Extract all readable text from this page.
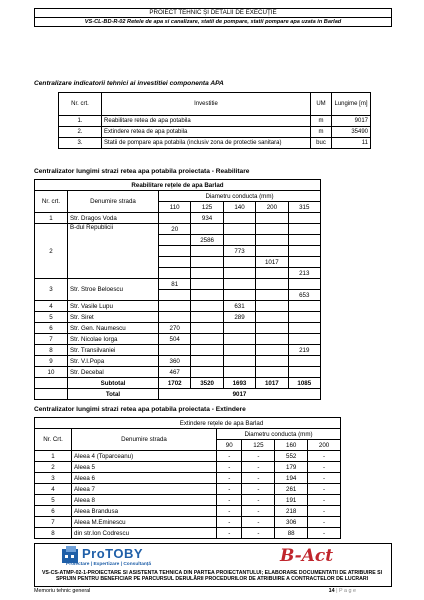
PROIECT TEHNIC ȘI DETALII DE EXECUȚIE
VS-CL-BD-R-02 Retele de apa si canalizare, statii de pompare, statii pompare apa uzata in Barlad
Centralizare indicatorii tehnici ai investitiei componenta APA
Nr. crt.	Investitie	UM	Lungime [m]
1.	Reabilitare retea de apa potabila	m	9017
2.	Extindere retea de apa potabila	m	35490
3.	Statii de pompare apa potabila (inclusiv zona de protectie sanitara)	buc	11
Centralizator lungimi strazi retea apa potabila proiectata - Reabilitare
Reabilitare rețele de apa Barlad						
Nr. crt.	Denumire strada	Diametru conducta (mm)				
		110	125	140	200	315
1	Str. Dragos Voda		934			
2	B-dul Republicii	20				
			2586			
				773		
					1017	
						213
3	Str. Stroe Beloescu	81				
						653
4	Str. Vasile Lupu			631		
5	Str. Siret			289		
6	Str. Gen. Naumescu	270				
7	Str. Nicolae Iorga	504				
8	Str. Transilvaniei					219
9	Str. V.I.Popa	360				
10	Str. Decebal	467				
	Subtotal	1702	3520	1693	1017	1085
	Total	9017				
Centralizator lungimi strazi retea apa potabila proiectata - Extindere
Extindere rețele de apa Barlad					
Nr. Crt.	Denumire strada	Diametru conducta (mm)			
		90	125	160	200
1	Aleea 4 (Toparceanu)	-	-	552	-
2	Aleea 5	-	-	179	-
3	Aleea 6	-	-	194	-
4	Aleea 7	-	-	261	-
5	Aleea 8	-	-	191	-
6	Aleea Brandusa	-	-	218	-
7	Aleea M.Eminescu	-	-	306	-
8	din str.Ion Codrescu	-	-	88	-
ProTOBY
Proiectare | Expertizare | Consultanță	B-Act
VS-CS-ATMP-02-1-PROIECTARE SI ASISTENTA TEHNICA DIN PARTEA PROIECTANTULUI; ELABORARE DOCUMENTATII DE ATRIBUIRE SI SPRIJIN PENTRU BENEFICIAR PE PARCURSUL DERULĂRII PROCEDURILOR DE ATRIBUIRE A CONTRACTELOR DE LUCRARI
Memoriu tehnic general	14 | P a g e
